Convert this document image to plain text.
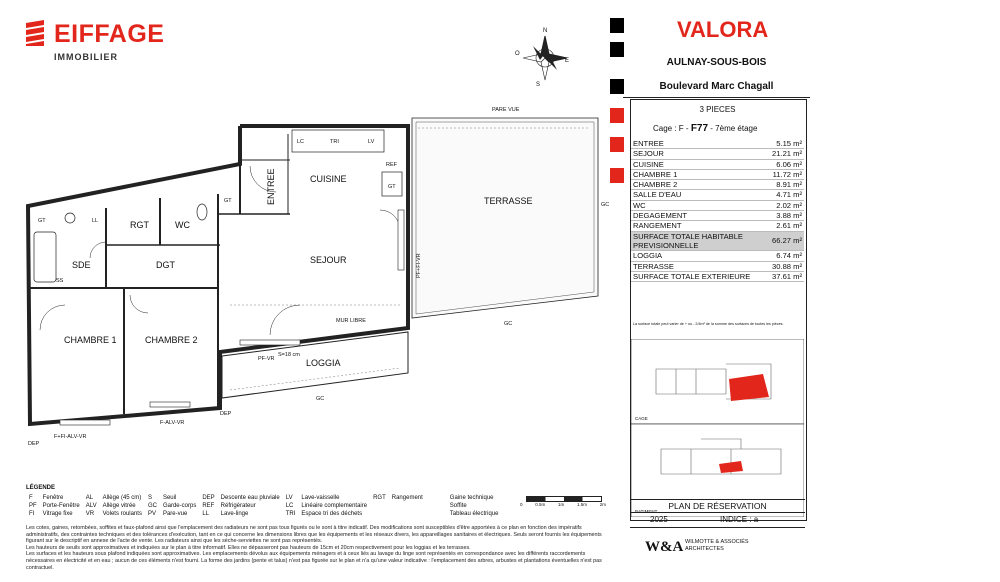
EIFFAGE
IMMOBILIER
SDE	DGT
RGT	WC
ENTREE	CUISINE
SEJOUR
TERRASSE
CHAMBRE 1	CHAMBRE 2
LOGGIA
PARE VUE
MUR LIBRE
PF-VR
S=18 cm
PF+FI-VR
GC
GC
GC
DEP
DEP
F-ALV-VR
F+FI-ALV-VR
LC	TRI	LV
REF
GT
GT
GT
LL
SS
N
E
S
O
VALORA
AULNAY-SOUS-BOIS
Boulevard Marc Chagall
3 PIECES
Cage : F - F77 - 7ème étage
ENTREE	5.15 m²
SEJOUR	21.21 m²
CUISINE	6.06 m²
CHAMBRE 1	11.72 m²
CHAMBRE 2	8.91 m²
SALLE D'EAU	4.71 m²
WC	2.02 m²
DEGAGEMENT	3.88 m²
RANGEMENT	2.61 m²
SURFACE TOTALE HABITABLE PREVISIONNELLE	66.27 m²
LOGGIA	6.74 m²
TERRASSE	30.88 m²
SURFACE TOTALE EXTERIEURE	37.61 m²
La surface totale peut varier de + ou - 2/4m² de la somme des surfaces de toutes les pièces.
CAGE
BATIMENT
PLAN DE RÉSERVATION
2025	INDICE : a
W&A WILMOTTE & ASSOCIÉS ARCHITECTES
LÉGENDE
F	Fenêtre	AL	Allège (45 cm)	S	Seuil	DEP	Descente eau pluviale	LV	Lave-vaisselle	RGT	Rangement	Gaine technique
PF	Porte-Fenêtre	ALV	Allège vitrée	GC	Garde-corps	REF	Réfrigérateur	LC	Linéaire complementaire			Soffite
FI	Vitrage fixe	VR	Volets roulants	PV	Pare-vue	LL	Lave-linge	TRI	Espace tri des déchets			Tableau électrique
0	0.5m	1m	1.5m	2m

Les cotes, gaines, retombées, soffites et faux-plafond ainsi que l'emplacement des radiateurs ne sont pas tous figurés ou le sont à titre indicatif. Des modifications sont susceptibles d'être apportées à ce plan en fonction des impératifs administratifs, des contraintes techniques et des tolérances d'exécution, tant en ce qui concerne les dimensions libres que les équipements et les réseaux divers, les appareillages sanitaires et électriques. Seuls seront fournis les équipements figurant sur le descriptif en annexe de l'acte de vente. Les radiateurs ainsi que les sèche-serviettes ne sont pas représentés.

Les hauteurs de seuils sont approximatives et indiquées sur le plan à titre informatif. Elles ne dépasseront pas hauteurs de 15cm et 20cm respectivement pour les loggias et les terrasses.

Les surfaces et les hauteurs sous plafond indiquées sont approximatives. Les emplacements dévolus aux équipements ménagers et à ceux liés au lavage du linge sont représentés en correspondance avec les différents raccordements nécessaires en électricité et en eau ; aucun de ces éléments n'est fourni. La forme des jardins (pente et talus) n'est pas figurée sur le plan et n'a qu'une valeur indicative : l'emplacement des arbres, arbustes et plantations éventuelles n'est pas contractuel.
